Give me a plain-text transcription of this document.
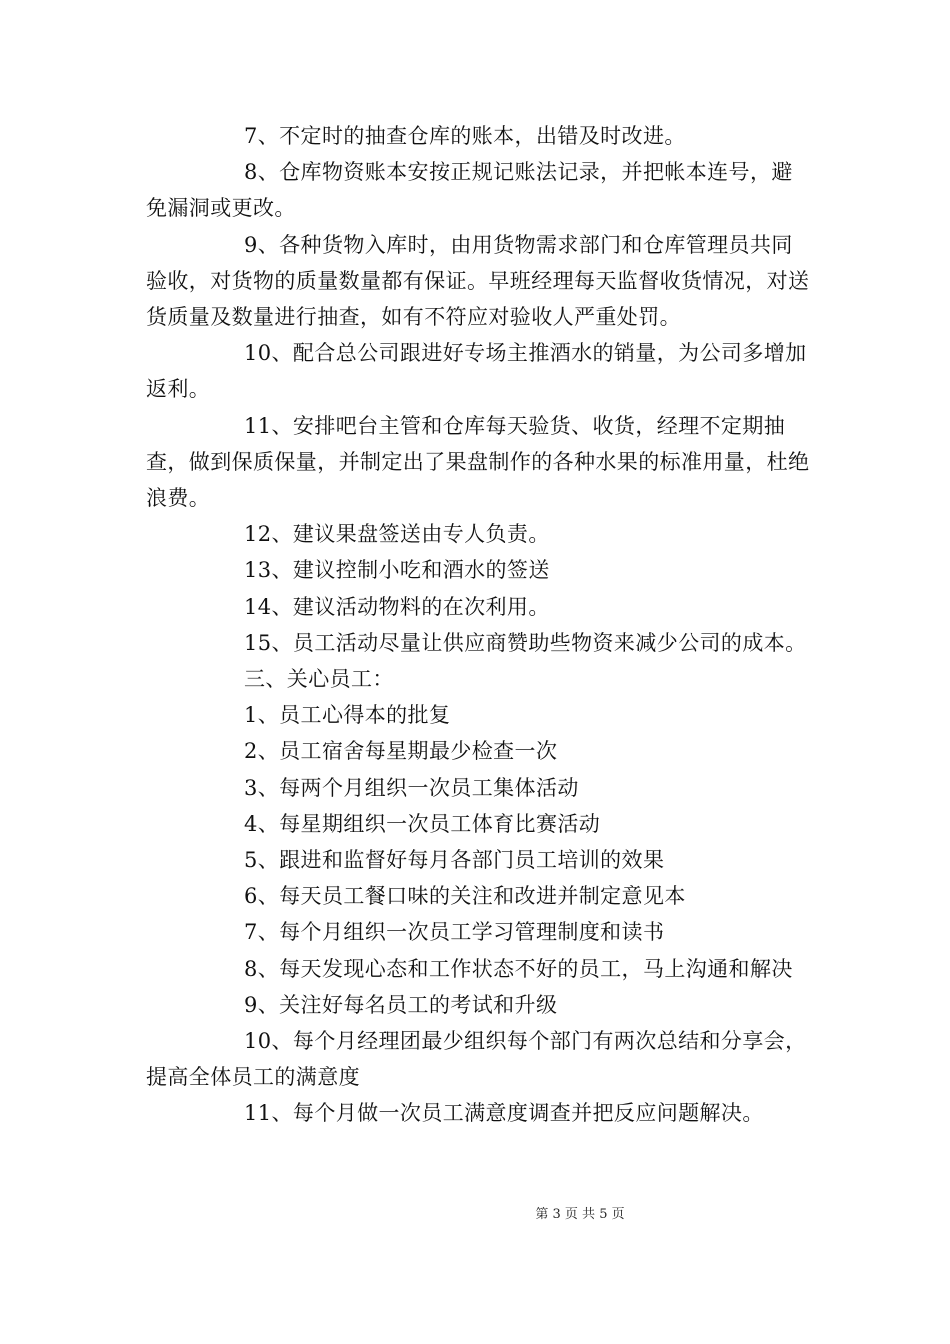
7、不定时的抽查仓库的账本，出错及时改进。

8、仓库物资账本安按正规记账法记录，并把帐本连号，避免漏洞或更改。

9、各种货物入库时，由用货物需求部门和仓库管理员共同验收，对货物的质量数量都有保证。早班经理每天监督收货情况，对送货质量及数量进行抽查，如有不符应对验收人严重处罚。

10、配合总公司跟进好专场主推酒水的销量，为公司多增加返利。

11、安排吧台主管和仓库每天验货、收货，经理不定期抽查，做到保质保量，并制定出了果盘制作的各种水果的标准用量，杜绝浪费。

12、建议果盘签送由专人负责。

13、建议控制小吃和酒水的签送

14、建议活动物料的在次利用。

15、员工活动尽量让供应商赞助些物资来减少公司的成本。

三、关心员工：

1、员工心得本的批复

2、员工宿舍每星期最少检查一次

3、每两个月组织一次员工集体活动

4、每星期组织一次员工体育比赛活动

5、跟进和监督好每月各部门员工培训的效果

6、每天员工餐口味的关注和改进并制定意见本

7、每个月组织一次员工学习管理制度和读书

8、每天发现心态和工作状态不好的员工，马上沟通和解决

9、关注好每名员工的考试和升级

10、每个月经理团最少组织每个部门有两次总结和分享会，提高全体员工的满意度

11、每个月做一次员工满意度调查并把反应问题解决。

第 3 页 共 5 页
